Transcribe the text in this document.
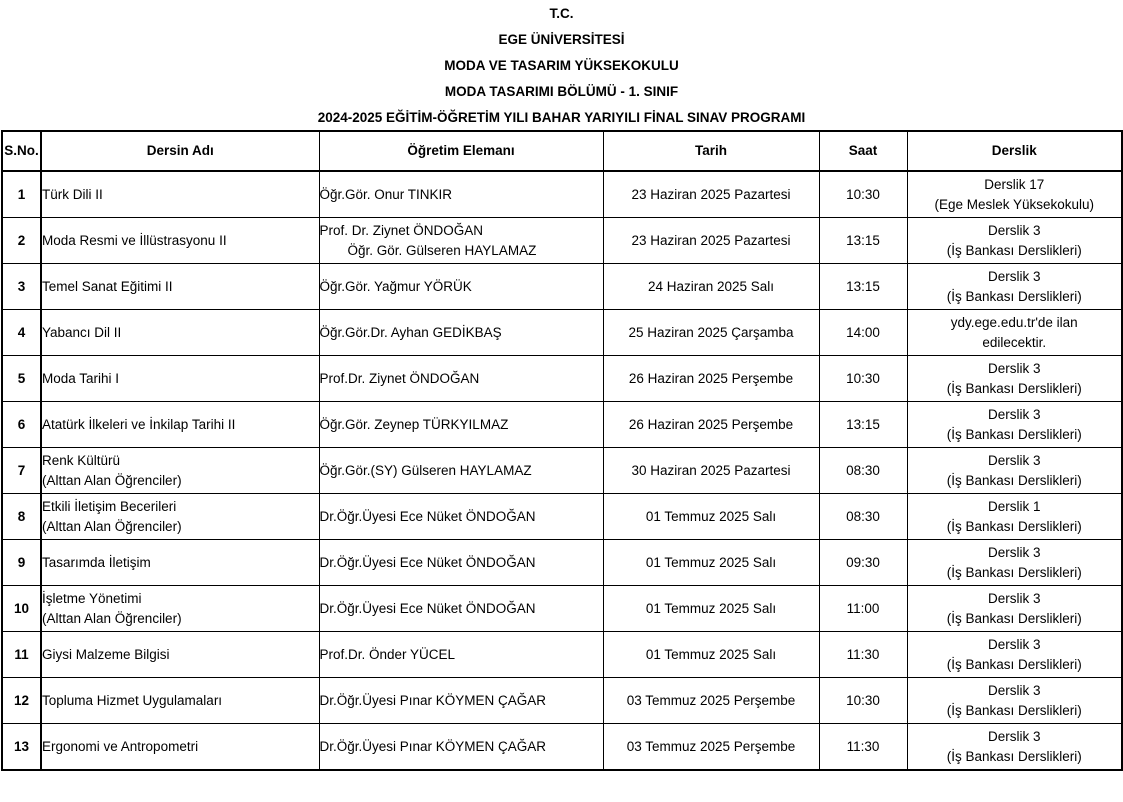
T.C.
EGE ÜNİVERSİTESİ
MODA VE TASARIM YÜKSEKOKULU
MODA TASARIMI BÖLÜMÜ - 1. SINIF
2024-2025 EĞİTİM-ÖĞRETİM YILI BAHAR YARIYILI FİNAL SINAV PROGRAMI
S.No.	Dersin Adı	Öğretim Elemanı	Tarih	Saat	Derslik
1	Türk Dili II	Öğr.Gör. Onur TINKIR	23 Haziran 2025 Pazartesi	10:30	Derslik 17
(Ege Meslek Yüksekokulu)

2	Moda Resmi ve İllüstrasyonu II	Prof. Dr. Ziynet ÖNDOĞAN
Öğr. Gör. Gülseren HAYLAMAZ	23 Haziran 2025 Pazartesi	13:15	Derslik 3
(İş Bankası Derslikleri)

3	Temel Sanat Eğitimi II	Öğr.Gör. Yağmur YÖRÜK	24 Haziran 2025 Salı	13:15	Derslik 3
(İş Bankası Derslikleri)

4	Yabancı Dil II	Öğr.Gör.Dr. Ayhan GEDİKBAŞ	25 Haziran 2025 Çarşamba	14:00	ydy.ege.edu.tr'de ilan
edilecektir.

5	Moda Tarihi I	Prof.Dr. Ziynet ÖNDOĞAN	26 Haziran 2025 Perşembe	10:30	Derslik 3
(İş Bankası Derslikleri)

6	Atatürk İlkeleri ve İnkilap Tarihi II	Öğr.Gör. Zeynep TÜRKYILMAZ	26 Haziran 2025 Perşembe	13:15	Derslik 3
(İş Bankası Derslikleri)

7	Renk Kültürü
(Alttan Alan Öğrenciler)	Öğr.Gör.(SY) Gülseren HAYLAMAZ	30 Haziran 2025 Pazartesi	08:30	Derslik 3
(İş Bankası Derslikleri)

8	Etkili İletişim Becerileri
(Alttan Alan Öğrenciler)	Dr.Öğr.Üyesi Ece Nüket ÖNDOĞAN	01 Temmuz 2025 Salı	08:30	Derslik 1
(İş Bankası Derslikleri)

9	Tasarımda İletişim	Dr.Öğr.Üyesi Ece Nüket ÖNDOĞAN	01 Temmuz 2025 Salı	09:30	Derslik 3
(İş Bankası Derslikleri)

10	İşletme Yönetimi
(Alttan Alan Öğrenciler)	Dr.Öğr.Üyesi Ece Nüket ÖNDOĞAN	01 Temmuz 2025 Salı	11:00	Derslik 3
(İş Bankası Derslikleri)

11	Giysi Malzeme Bilgisi	Prof.Dr. Önder YÜCEL	01 Temmuz 2025 Salı	11:30	Derslik 3
(İş Bankası Derslikleri)

12	Topluma Hizmet Uygulamaları	Dr.Öğr.Üyesi Pınar KÖYMEN ÇAĞAR	03 Temmuz 2025 Perşembe	10:30	Derslik 3
(İş Bankası Derslikleri)

13	Ergonomi ve Antropometri	Dr.Öğr.Üyesi Pınar KÖYMEN ÇAĞAR	03 Temmuz 2025 Perşembe	11:30	Derslik 3
(İş Bankası Derslikleri)
